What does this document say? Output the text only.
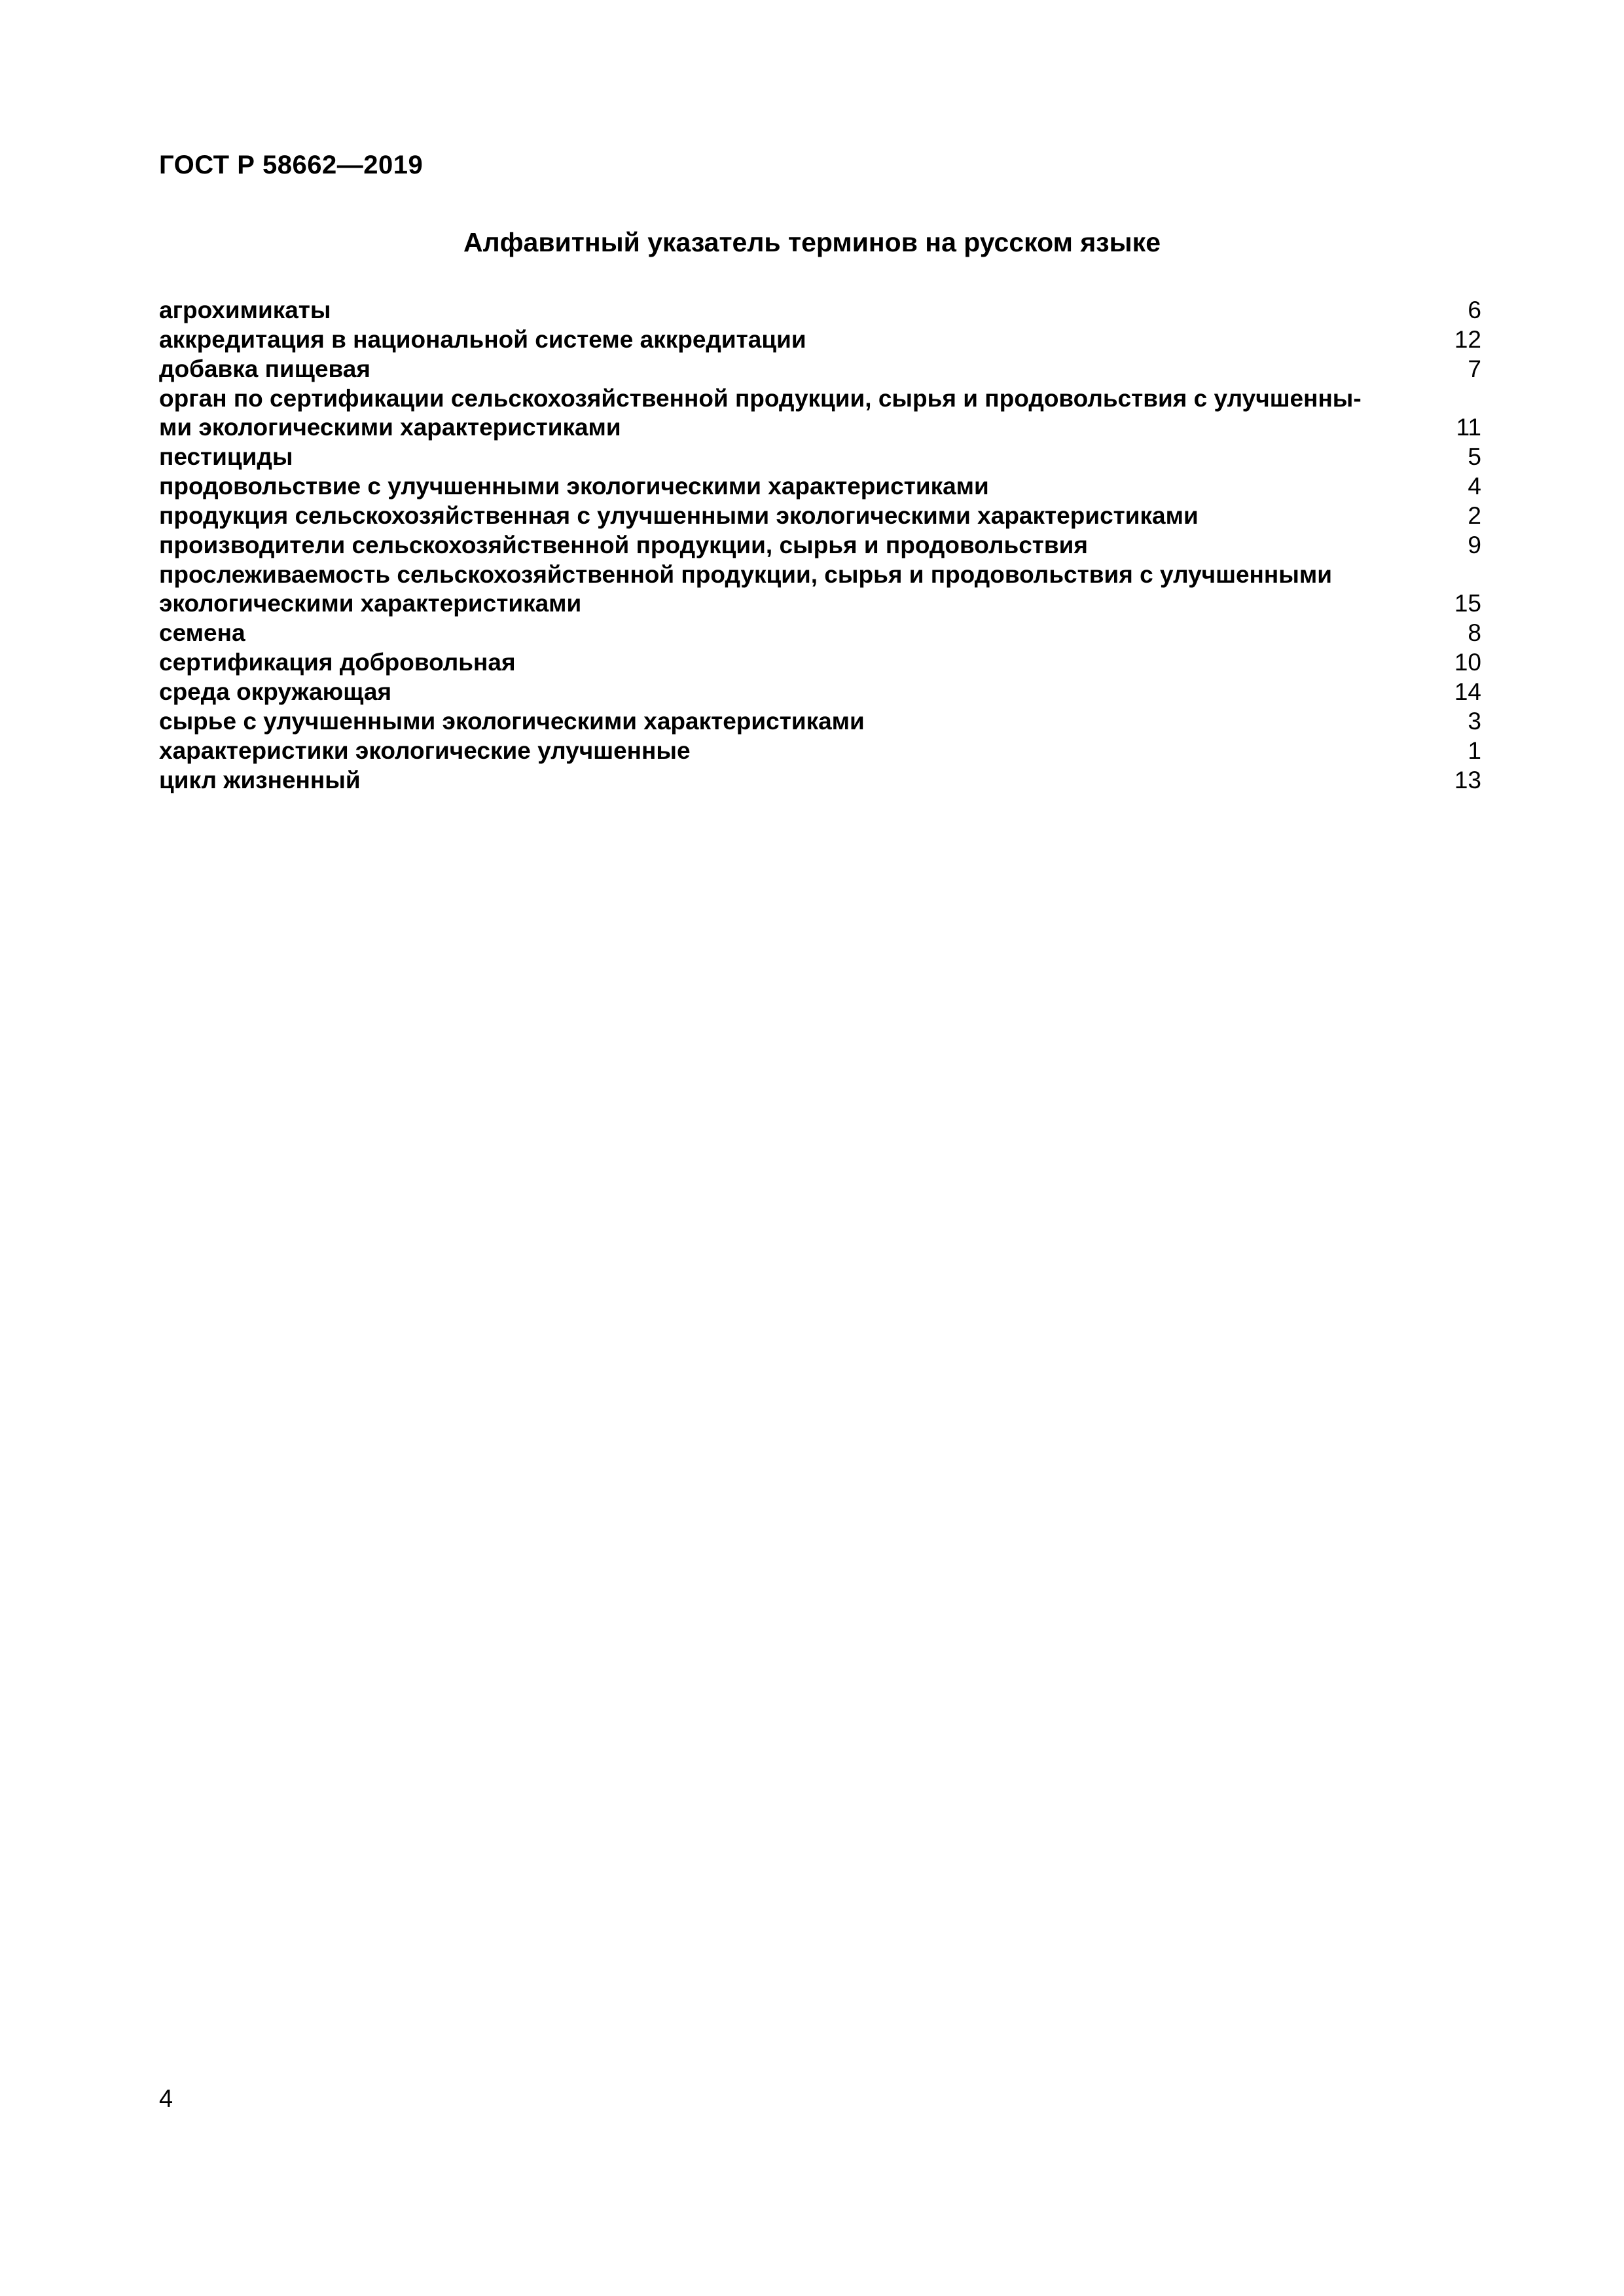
ГОСТ Р 58662—2019
Алфавитный указатель терминов на русском языке
агрохимикаты	6
аккредитация в национальной системе аккредитации	12
добавка пищевая	7
орган по сертификации сельскохозяйственной продукции, сырья и продовольствия с улучшенны-
ми экологическими характеристиками	11
пестициды	5
продовольствие с улучшенными экологическими характеристиками	4
продукция сельскохозяйственная с улучшенными экологическими характеристиками	2
производители сельскохозяйственной продукции, сырья и продовольствия	9
прослеживаемость сельскохозяйственной продукции, сырья и продовольствия с улучшенными
экологическими характеристиками	15
семена	8
сертификация добровольная	10
среда окружающая	14
сырье с улучшенными экологическими характеристиками	3
характеристики экологические улучшенные	1
цикл жизненный	13
4
